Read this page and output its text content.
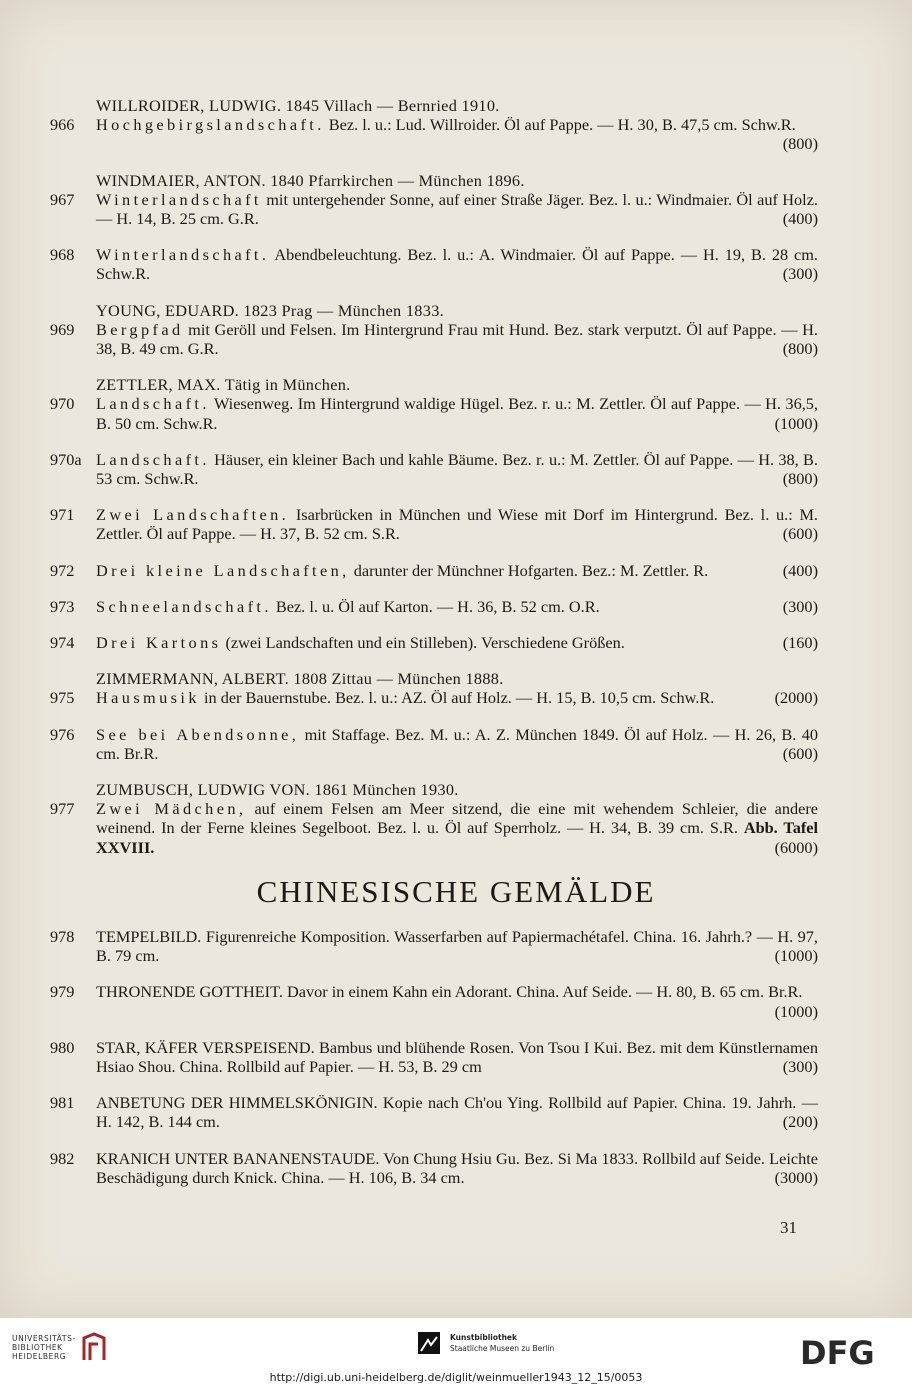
WILLROIDER, LUDWIG. 1845 Villach — Bernried 1910.
966	Hochgebirgslandschaft. Bez. l. u.: Lud. Willroider. Öl auf Pappe. — H. 30, B. 47,5 cm. Schw.R.
(800)
WINDMAIER, ANTON. 1840 Pfarrkirchen — München 1896.
967	Winterlandschaft mit untergehender Sonne, auf einer Straße Jäger. Bez. l. u.: Windmaier. Öl auf Holz. — H. 14, B. 25 cm. G.R.	(400)
968	Winterlandschaft. Abendbeleuchtung. Bez. l. u.: A. Windmaier. Öl auf Pappe. — H. 19, B. 28 cm. Schw.R.	(300)
YOUNG, EDUARD. 1823 Prag — München 1833.
969	Bergpfad mit Geröll und Felsen. Im Hintergrund Frau mit Hund. Bez. stark verputzt. Öl auf Pappe. — H. 38, B. 49 cm. G.R.	(800)
ZETTLER, MAX. Tätig in München.
970	Landschaft. Wiesenweg. Im Hintergrund waldige Hügel. Bez. r. u.: M. Zettler. Öl auf Pappe. — H. 36,5, B. 50 cm. Schw.R.	(1000)
970a Landschaft. Häuser, ein kleiner Bach und kahle Bäume. Bez. r. u.: M. Zettler. Öl auf Pappe. — H. 38, B. 53 cm. Schw.R.	(800)
971	Zwei Landschaften. Isarbrücken in München und Wiese mit Dorf im Hintergrund. Bez. l. u.: M. Zettler. Öl auf Pappe. — H. 37, B. 52 cm. S.R.	(600)
972	Drei kleine Landschaften, darunter der Münchner Hofgarten. Bez.: M. Zettler. R.	(400)
973	Schneelandschaft. Bez. l. u. Öl auf Karton. — H. 36, B. 52 cm. O.R.	(300)
974	Drei Kartons (zwei Landschaften und ein Stilleben). Verschiedene Größen.	(160)
ZIMMERMANN, ALBERT. 1808 Zittau — München 1888.
975	Hausmusik in der Bauernstube. Bez. l. u.: AZ. Öl auf Holz. — H. 15, B. 10,5 cm. Schw.R.	(2000)
976	See bei Abendsonne, mit Staffage. Bez. M. u.: A. Z. München 1849. Öl auf Holz. — H. 26, B. 40 cm. Br.R.	(600)
ZUMBUSCH, LUDWIG VON. 1861 München 1930.
977	Zwei Mädchen, auf einem Felsen am Meer sitzend, die eine mit wehendem Schleier, die andere weinend. In der Ferne kleines Segelboot. Bez. l. u. Öl auf Sperrholz. — H. 34, B. 39 cm. S.R. Abb. Tafel XXVIII.	(6000)
CHINESISCHE GEMÄLDE
978	TEMPELBILD. Figurenreiche Komposition. Wasserfarben auf Papiermachétafel. China. 16. Jahrh.? — H. 97, B. 79 cm.	(1000)
979	THRONENDE GOTTHEIT. Davor in einem Kahn ein Adorant. China. Auf Seide. — H. 80, B. 65 cm. Br.R.
(1000)
980	STAR, KÄFER VERSPEISEND. Bambus und blühende Rosen. Von Tsou I Kui. Bez. mit dem Künstlernamen Hsiao Shou. China. Rollbild auf Papier. — H. 53, B. 29 cm	(300)
981	ANBETUNG DER HIMMELSKÖNIGIN. Kopie nach Ch'ou Ying. Rollbild auf Papier. China. 19. Jahrh. — H. 142, B. 144 cm.	(200)
982	KRANICH UNTER BANANENSTAUDE. Von Chung Hsiu Gu. Bez. Si Ma 1833. Rollbild auf Seide. Leichte Beschädigung durch Knick. China. — H. 106, B. 34 cm.	(3000)
31
UNIVERSITÄTS-
BIBLIOTHEK
HEIDELBERG
Kunstbibliothek
Staatliche Museen zu Berlin	DFG
http://digi.ub.uni-heidelberg.de/diglit/weinmueller1943_12_15/0053
